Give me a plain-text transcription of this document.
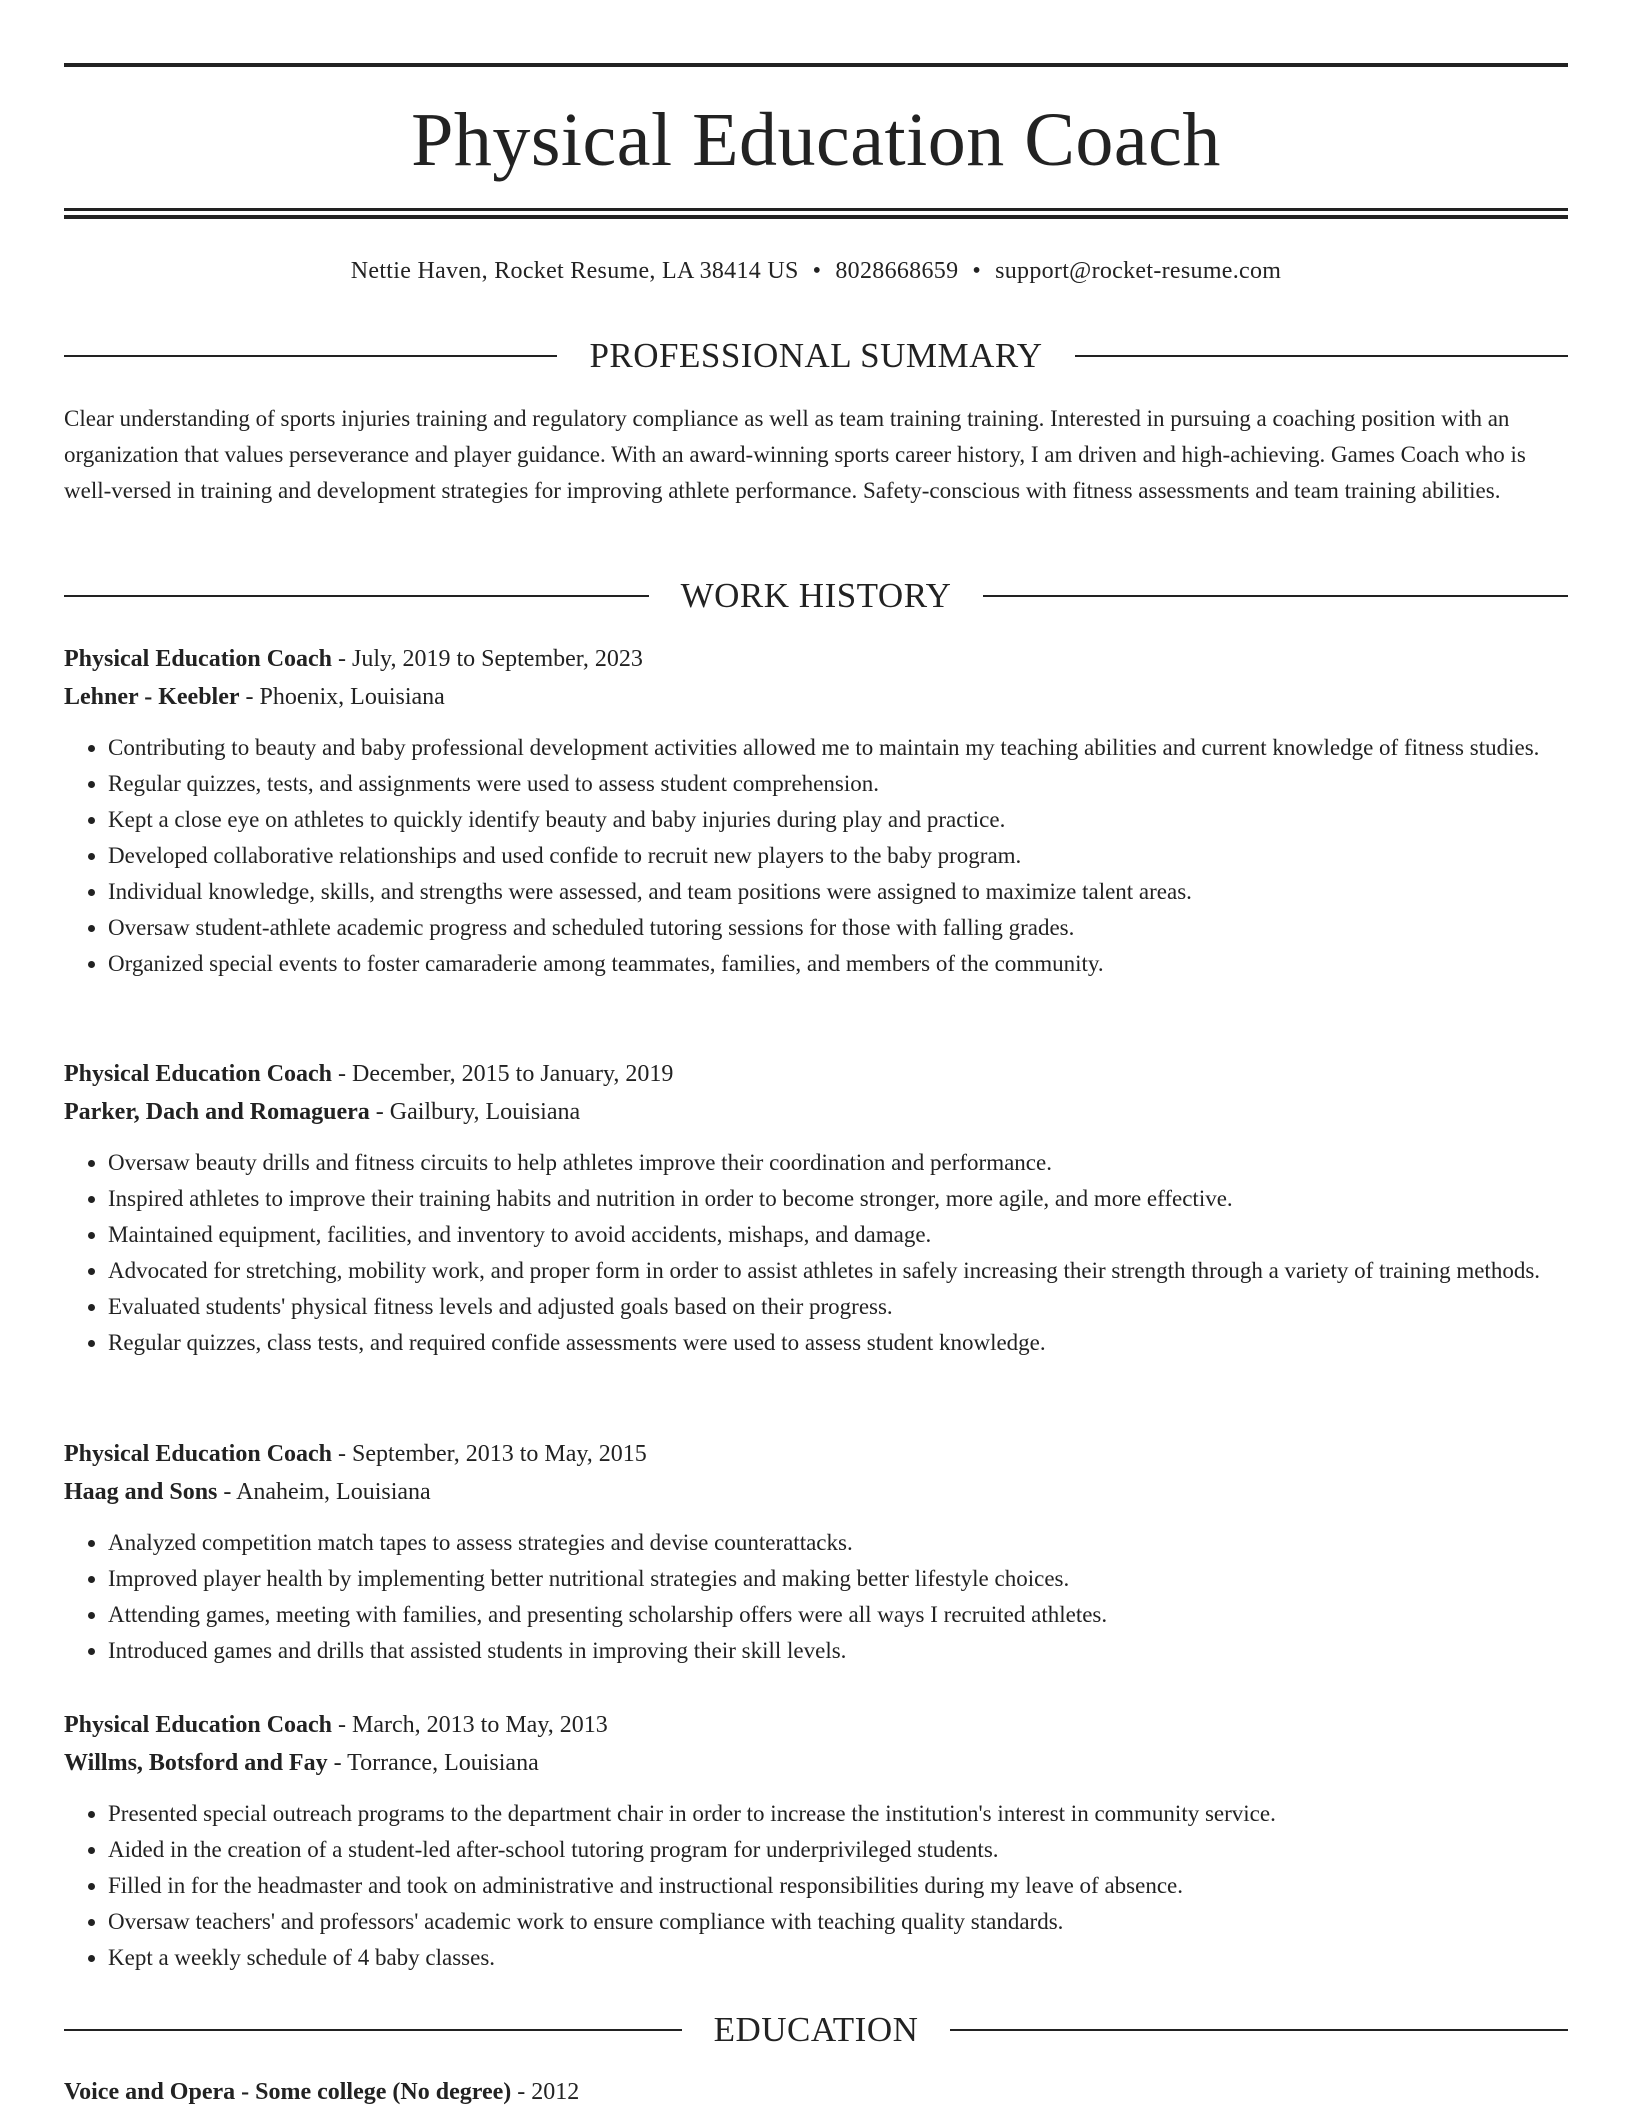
Physical Education Coach
Nettie Haven, Rocket Resume, LA 38414 US • 8028668659 • support@rocket-resume.com
PROFESSIONAL SUMMARY

Clear understanding of sports injuries training and regulatory compliance as well as team training training. Interested in pursuing a coaching position with an organization that values perseverance and player guidance. With an award-winning sports career history, I am driven and high-achieving. Games Coach who is well-versed in training and development strategies for improving athlete performance. Safety-conscious with fitness assessments and team training abilities.

WORK HISTORY
Physical Education Coach - July, 2019 to September, 2023
Lehner - Keebler - Phoenix, Louisiana
• Contributing to beauty and baby professional development activities allowed me to maintain my teaching abilities and current knowledge of fitness studies.
• Regular quizzes, tests, and assignments were used to assess student comprehension.
• Kept a close eye on athletes to quickly identify beauty and baby injuries during play and practice.
• Developed collaborative relationships and used confide to recruit new players to the baby program.
• Individual knowledge, skills, and strengths were assessed, and team positions were assigned to maximize talent areas.
• Oversaw student-athlete academic progress and scheduled tutoring sessions for those with falling grades.
• Organized special events to foster camaraderie among teammates, families, and members of the community.
Physical Education Coach - December, 2015 to January, 2019
Parker, Dach and Romaguera - Gailbury, Louisiana
• Oversaw beauty drills and fitness circuits to help athletes improve their coordination and performance.
• Inspired athletes to improve their training habits and nutrition in order to become stronger, more agile, and more effective.
• Maintained equipment, facilities, and inventory to avoid accidents, mishaps, and damage.
• Advocated for stretching, mobility work, and proper form in order to assist athletes in safely increasing their strength through a variety of training methods.
• Evaluated students' physical fitness levels and adjusted goals based on their progress.
• Regular quizzes, class tests, and required confide assessments were used to assess student knowledge.
Physical Education Coach - September, 2013 to May, 2015
Haag and Sons - Anaheim, Louisiana
• Analyzed competition match tapes to assess strategies and devise counterattacks.
• Improved player health by implementing better nutritional strategies and making better lifestyle choices.
• Attending games, meeting with families, and presenting scholarship offers were all ways I recruited athletes.
• Introduced games and drills that assisted students in improving their skill levels.
Physical Education Coach - March, 2013 to May, 2013
Willms, Botsford and Fay - Torrance, Louisiana
• Presented special outreach programs to the department chair in order to increase the institution's interest in community service.
• Aided in the creation of a student-led after-school tutoring program for underprivileged students.
• Filled in for the headmaster and took on administrative and instructional responsibilities during my leave of absence.
• Oversaw teachers' and professors' academic work to ensure compliance with teaching quality standards.
• Kept a weekly schedule of 4 baby classes.
EDUCATION
Voice and Opera - Some college (No degree) - 2012
